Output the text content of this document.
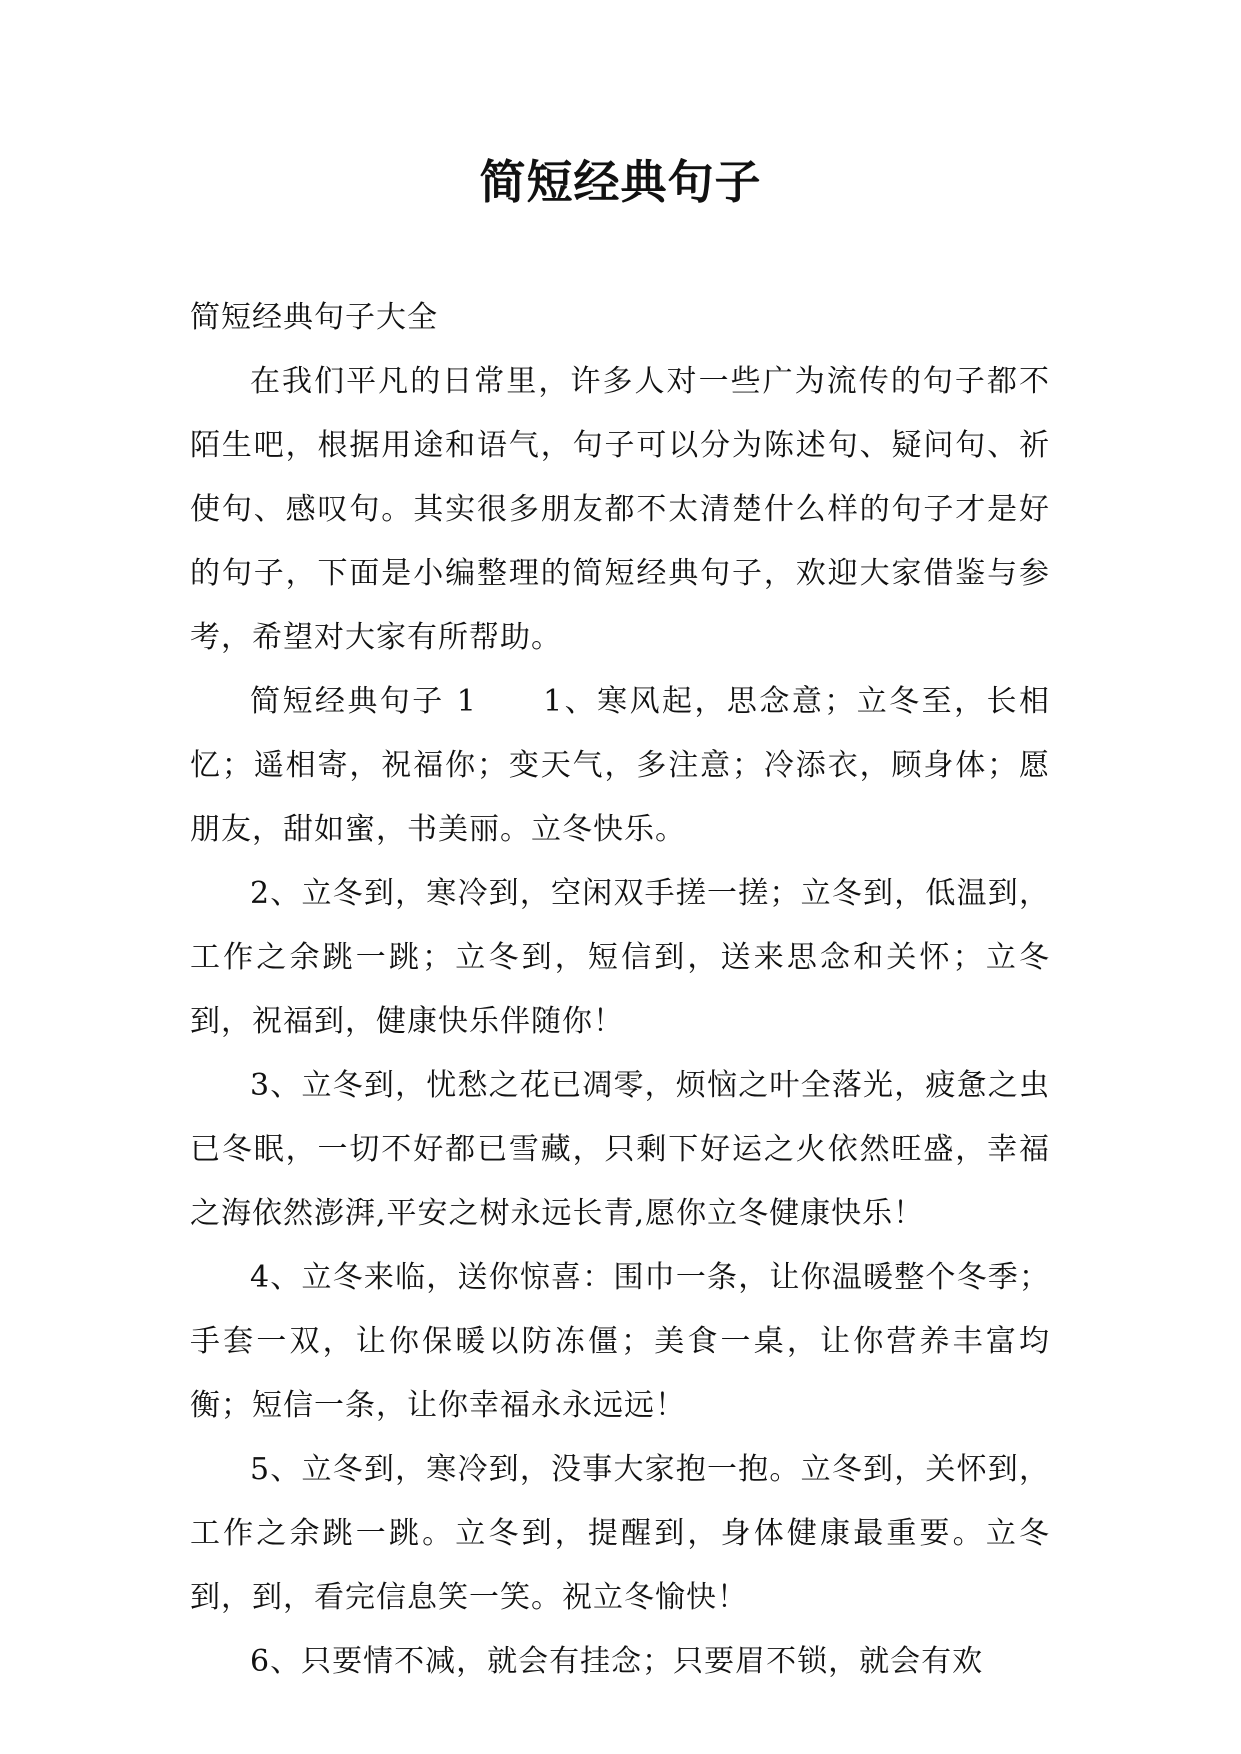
简短经典句子

简短经典句子大全

在我们平凡的日常里，许多人对一些广为流传的句子都不陌生吧，根据用途和语气，句子可以分为陈述句、疑问句、祈使句、感叹句。其实很多朋友都不太清楚什么样的句子才是好的句子，下面是小编整理的简短经典句子，欢迎大家借鉴与参考，希望对大家有所帮助。

简短经典句子 1　　1、寒风起，思念意；立冬至，长相忆；遥相寄，祝福你；变天气，多注意；冷添衣，顾身体；愿朋友，甜如蜜，书美丽。立冬快乐。

2、立冬到，寒冷到，空闲双手搓一搓；立冬到，低温到，工作之余跳一跳；立冬到，短信到，送来思念和关怀；立冬到，祝福到，健康快乐伴随你！

3、立冬到，忧愁之花已凋零，烦恼之叶全落光，疲惫之虫已冬眠，一切不好都已雪藏，只剩下好运之火依然旺盛，幸福之海依然澎湃,平安之树永远长青,愿你立冬健康快乐！

4、立冬来临，送你惊喜：围巾一条，让你温暖整个冬季；手套一双，让你保暖以防冻僵；美食一桌，让你营养丰富均衡；短信一条，让你幸福永永远远！

5、立冬到，寒冷到，没事大家抱一抱。立冬到，关怀到，工作之余跳一跳。立冬到，提醒到，身体健康最重要。立冬到，到，看完信息笑一笑。祝立冬愉快！

6、只要情不减，就会有挂念；只要眉不锁，就会有欢
